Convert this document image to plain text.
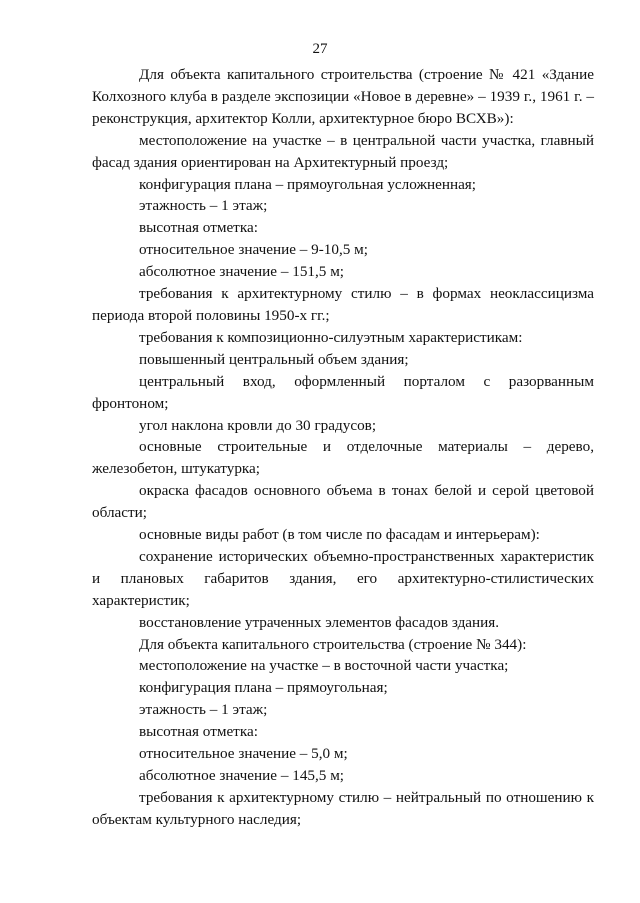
27

Для объекта капитального строительства (строение № 421 «Здание Колхозного клуба в разделе экспозиции «Новое в деревне» – 1939 г., 1961 г. – реконструкция, архитектор Колли, архитектурное бюро ВСХВ»):

местоположение на участке – в центральной части участка, главный фасад здания ориентирован на Архитектурный проезд;

конфигурация плана – прямоугольная усложненная;

этажность – 1 этаж;

высотная отметка:

относительное значение – 9-10,5 м;

абсолютное значение – 151,5 м;

требования к архитектурному стилю – в формах неоклассицизма периода второй половины 1950-х гг.;

требования к композиционно-силуэтным характеристикам:

повышенный центральный объем здания;

центральный вход, оформленный порталом с разорванным фронтоном;

угол наклона кровли до 30 градусов;

основные строительные и отделочные материалы – дерево, железобетон, штукатурка;

окраска фасадов основного объема в тонах белой и серой цветовой области;

основные виды работ (в том числе по фасадам и интерьерам):

сохранение исторических объемно-пространственных характеристик и плановых габаритов здания, его архитектурно-стилистических характеристик;

восстановление утраченных элементов фасадов здания.

Для объекта капитального строительства (строение № 344):

местоположение на участке – в восточной части участка;

конфигурация плана – прямоугольная;

этажность – 1 этаж;

высотная отметка:

относительное значение – 5,0 м;

абсолютное значение – 145,5 м;

требования к архитектурному стилю – нейтральный по отношению к объектам культурного наследия;
